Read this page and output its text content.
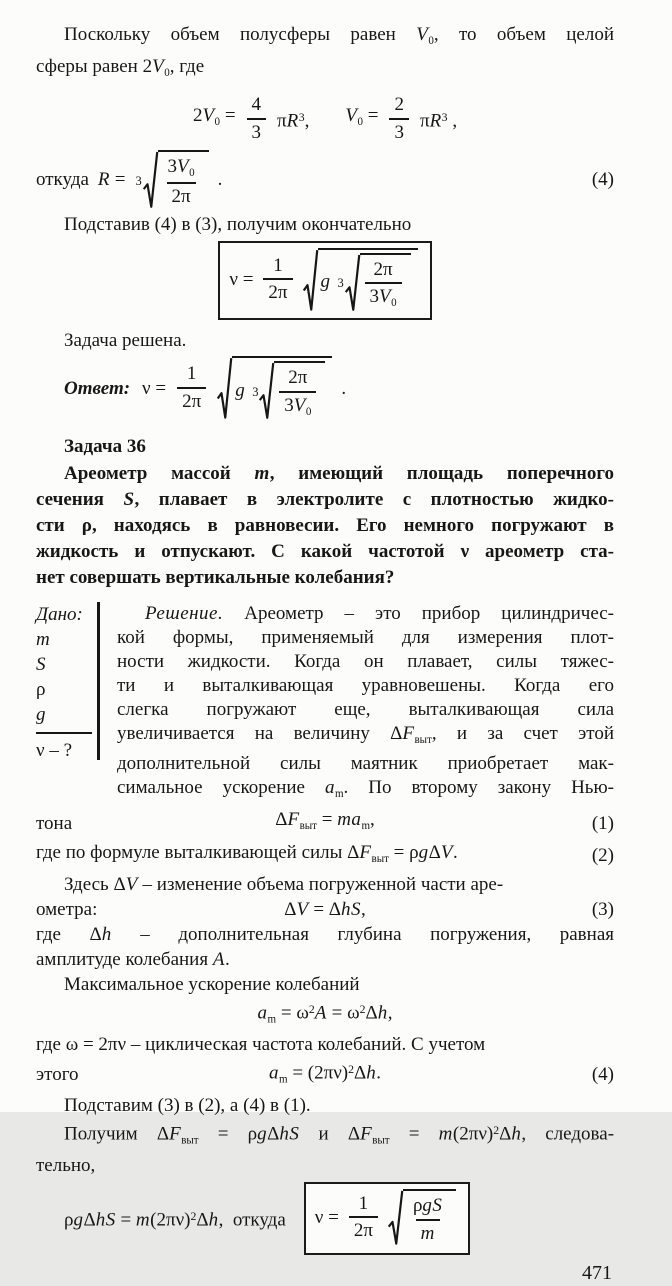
Поскольку объем полусферы равен $V_0$, то объем целой
сферы равен $2V_0$, где
$2V_0 = \frac{4}{3} \pi R^3$, $V_0 = \frac{2}{3} \pi R^3$ ,
откуда $R = 3 \frac{3V_0}{2\pi}$ .	(4)
Подставив (4) в (3), получим окончательно
$\nu = \frac{1}{2\pi}$ g $3 \frac{2\pi}{3V_0}$
Задача решена.
Ответ: $\nu = \frac{1}{2\pi}$ g $3 \frac{2\pi}{3V_0}$ .
Задача 36
Ареометр массой m, имеющий площадь поперечного
сечения S, плавает в электролите с плотностью жидко-
сти ρ, находясь в равновесии. Его немного погружают в
жидкость и отпускают. С какой частотой ν ареометр ста-
нет совершать вертикальные колебания?
Дано:
m
S
ρ
g
ν – ?
Решение. Ареометр – это прибор цилиндричес-
кой формы, применяемый для измерения плот-
ности жидкости. Когда он плавает, силы тяжес-
ти и выталкивающая уравновешены. Когда его
слегка погружают еще, выталкивающая сила
увеличивается на величину $\Delta F_{выт}$, и за счет этой
дополнительной силы маятник приобретает мак-
симальное ускорение $a_m$. По второму закону Нью-
тона	$\Delta F_{выт} = ma_m$,	(1)
где по формуле выталкивающей силы $\Delta F_{выт} = \rho g\Delta V$.	(2)
Здесь ΔV – изменение объема погруженной части аре-
ометра:	ΔV = ΔhS,	(3)
где Δh – дополнительная глубина погружения, равная
амплитуде колебания А.
Максимальное ускорение колебаний
$a_m = \omega^2A = \omega^2\Delta h$,
где ω = 2πν – циклическая частота колебаний. С учетом
этого	$a_m = (2\pi\nu)^2\Delta h$.	(4)
Подставим (3) в (2), а (4) в (1).
Получим $\Delta F_{выт} = \rho g\Delta hS$ и $\Delta F_{выт} = m(2\pi\nu)^2\Delta h$, следова-
тельно,
$\rho g\Delta hS = m(2\pi\nu)^2\Delta h$,  откуда $\nu = \frac{1}{2\pi} \frac{\text{ρgS}}{m}$
471
